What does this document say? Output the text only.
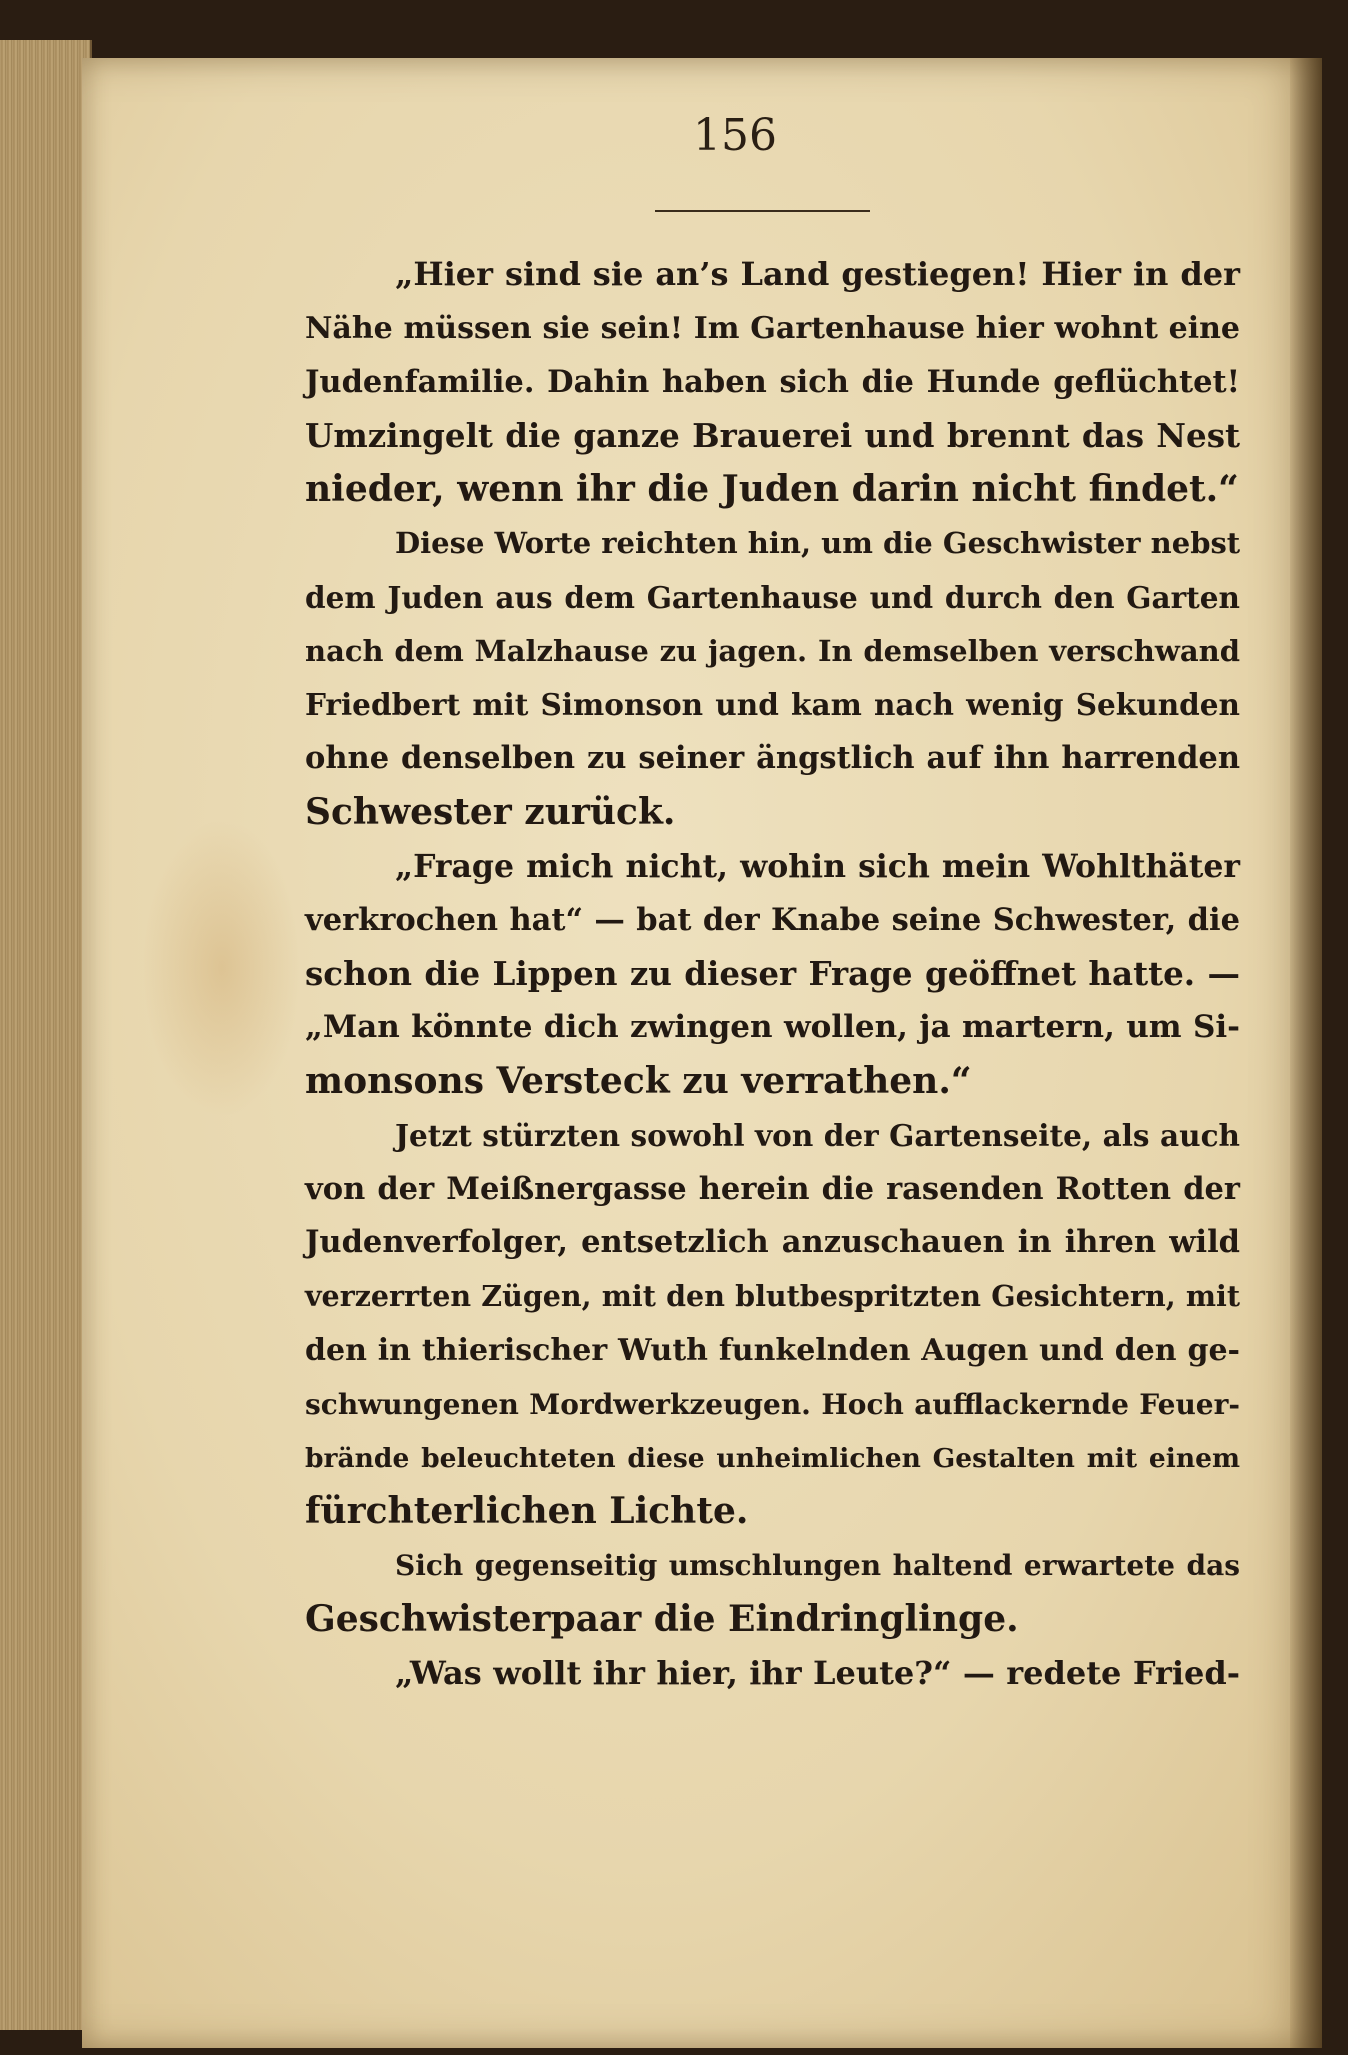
156
„Hier sind sie an’s Land gestiegen! Hier in der
Nähe müssen sie sein! Im Gartenhause hier wohnt eine
Judenfamilie. Dahin haben sich die Hunde geflüchtet!
Umzingelt die ganze Brauerei und brennt das Nest
nieder, wenn ihr die Juden darin nicht findet.“
Diese Worte reichten hin, um die Geschwister nebst
dem Juden aus dem Gartenhause und durch den Garten
nach dem Malzhause zu jagen. In demselben verschwand
Friedbert mit Simonson und kam nach wenig Sekunden
ohne denselben zu seiner ängstlich auf ihn harrenden
Schwester zurück.
„Frage mich nicht, wohin sich mein Wohlthäter
verkrochen hat“ — bat der Knabe seine Schwester, die
schon die Lippen zu dieser Frage geöffnet hatte. —
„Man könnte dich zwingen wollen, ja martern, um Si-
monsons Versteck zu verrathen.“
Jetzt stürzten sowohl von der Gartenseite, als auch
von der Meißnergasse herein die rasenden Rotten der
Judenverfolger, entsetzlich anzuschauen in ihren wild
verzerrten Zügen, mit den blutbespritzten Gesichtern, mit
den in thierischer Wuth funkelnden Augen und den ge-
schwungenen Mordwerkzeugen. Hoch aufflackernde Feuer-
brände beleuchteten diese unheimlichen Gestalten mit einem
fürchterlichen Lichte.
Sich gegenseitig umschlungen haltend erwartete das
Geschwisterpaar die Eindringlinge.
„Was wollt ihr hier, ihr Leute?“ — redete Fried-
